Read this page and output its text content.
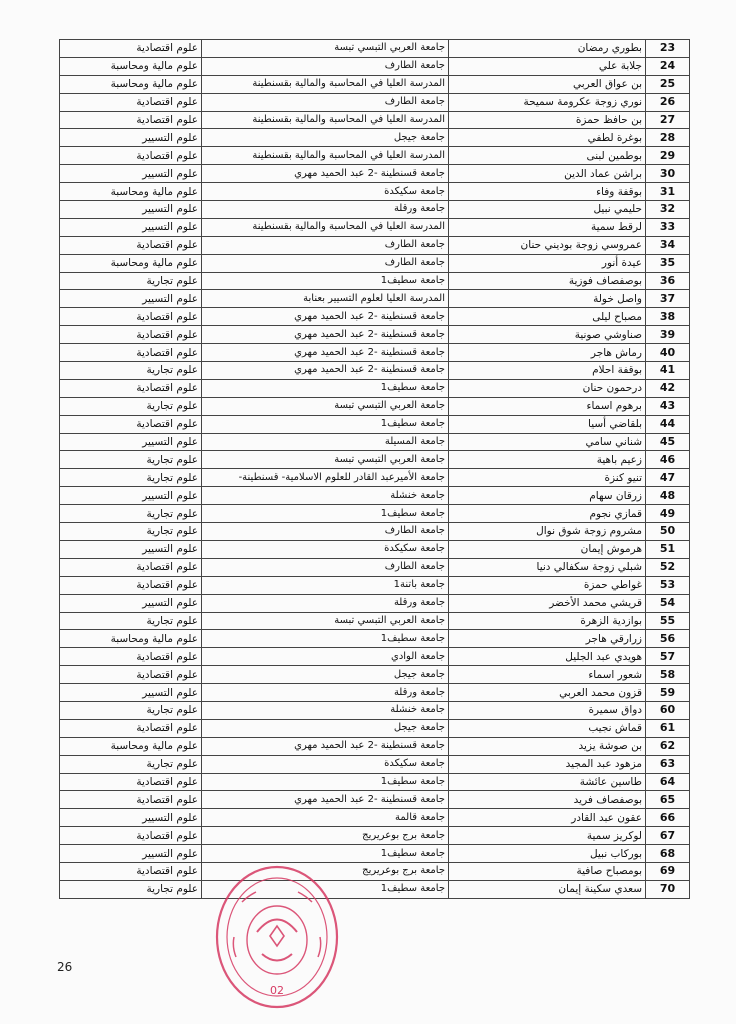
علوم اقتصادية	جامعة العربي التبسي تبسة	بطوري رمضان	23
علوم مالية ومحاسبة	جامعة الطارف	جلابة علي	24
علوم مالية ومحاسبة	المدرسة العليا في المحاسبة والمالية بقسنطينة	بن عواق العربي	25
علوم اقتصادية	جامعة الطارف	نوري زوجة عكرومة سميحة	26
علوم اقتصادية	المدرسة العليا في المحاسبة والمالية بقسنطينة	بن حافظ حمزة	27
علوم التسيير	جامعة جيجل	بوغرة لطفي	28
علوم اقتصادية	المدرسة العليا في المحاسبة والمالية بقسنطينة	بوطمين لبنى	29
علوم التسيير	جامعة قسنطينة -2 عبد الحميد مهري	براشن عماد الدين	30
علوم مالية ومحاسبة	جامعة سكيكدة	بوقفة وفاء	31
علوم التسيير	جامعة ورقلة	حليمي نبيل	32
علوم التسيير	المدرسة العليا في المحاسبة والمالية بقسنطينة	لرقط سمية	33
علوم اقتصادية	جامعة الطارف	عمروسي زوجة بوديني حنان	34
علوم مالية ومحاسبة	جامعة الطارف	عيدة أنور	35
علوم تجارية	جامعة سطيف1	بوصفصاف فوزية	36
علوم التسيير	المدرسة العليا لعلوم التسيير بعنابة	واصل خولة	37
علوم اقتصادية	جامعة قسنطينة -2 عبد الحميد مهري	مصباح ليلى	38
علوم اقتصادية	جامعة قسنطينة -2 عبد الحميد مهري	صناوشي صونية	39
علوم اقتصادية	جامعة قسنطينة -2 عبد الحميد مهري	رماش هاجر	40
علوم تجارية	جامعة قسنطينة -2 عبد الحميد مهري	بوقفة احلام	41
علوم اقتصادية	جامعة سطيف1	درحمون حنان	42
علوم تجارية	جامعة العربي التبسي تبسة	برهوم اسماء	43
علوم اقتصادية	جامعة سطيف1	بلقاضي أسيا	44
علوم التسيير	جامعة المسيلة	شناني سامي	45
علوم تجارية	جامعة العربي التبسي تبسة	زعيم باهية	46
علوم تجارية	جامعة الأميرعبد القادر للعلوم الاسلامية- قسنطينة-	تنيو كنزة	47
علوم التسيير	جامعة خنشلة	زرقان سهام	48
علوم تجارية	جامعة سطيف1	قمازي نجوم	49
علوم تجارية	جامعة الطارف	مشروم زوجة شوق نوال	50
علوم التسيير	جامعة سكيكدة	هرموش إيمان	51
علوم اقتصادية	جامعة الطارف	شبلي زوجة سكفالي دنيا	52
علوم اقتصادية	جامعة باتنة1	غواطي حمزة	53
علوم التسيير	جامعة ورقلة	قريشي محمد الأخضر	54
علوم تجارية	جامعة العربي التبسي تبسة	بوازدية الزهرة	55
علوم مالية ومحاسبة	جامعة سطيف1	زرارقي هاجر	56
علوم اقتصادية	جامعة الوادي	هويدي عبد الجليل	57
علوم اقتصادية	جامعة جيجل	شعور اسماء	58
علوم التسيير	جامعة ورقلة	قزون محمد العربي	59
علوم تجارية	جامعة خنشلة	دواق سميرة	60
علوم اقتصادية	جامعة جيجل	قماش نجيب	61
علوم مالية ومحاسبة	جامعة قسنطينة -2 عبد الحميد مهري	بن صوشة يزيد	62
علوم تجارية	جامعة سكيكدة	مزهود عبد المجيد	63
علوم اقتصادية	جامعة سطيف1	طاسين عائشة	64
علوم اقتصادية	جامعة قسنطينة -2 عبد الحميد مهري	بوصفصاف فريد	65
علوم التسيير	جامعة قالمة	عقون عبد القادر	66
علوم اقتصادية	جامعة برج بوعريريج	لوكريز سمية	67
علوم التسيير	جامعة سطيف1	بوركاب نبيل	68
علوم اقتصادية	جامعة برج بوعريريج	بومصباح صافية	69
علوم تجارية	جامعة سطيف1	سعدي سكينة إيمان	70
26
02
